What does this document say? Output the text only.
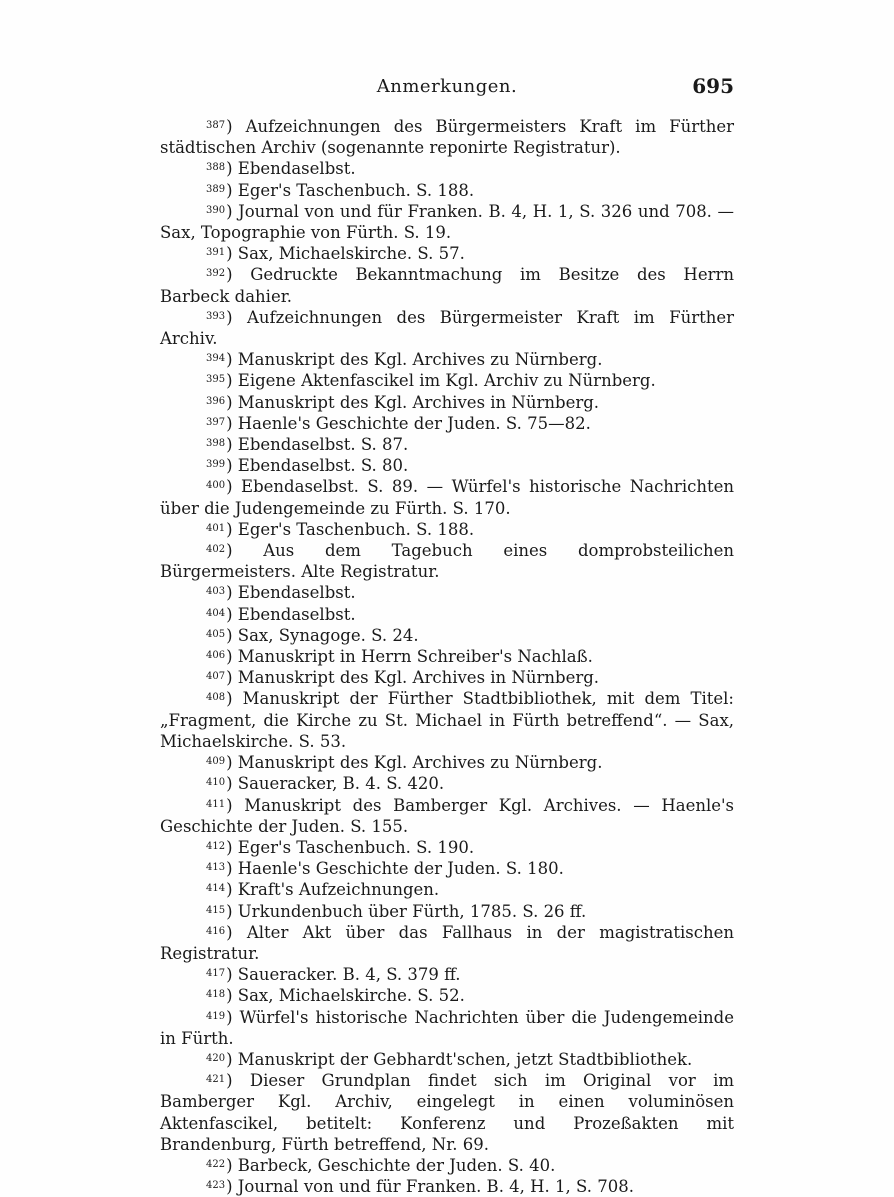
Anmerkungen.	695

$^{387}$) Aufzeichnungen des Bürgermeisters Kraft im Fürther städtischen Archiv (sogenannte reponirte Registratur).

$^{388}$) Ebendaselbst.

$^{389}$) Eger's Taschenbuch. S. 188.

$^{390}$) Journal von und für Franken. B. 4, H. 1, S. 326 und 708. — Sax, Topographie von Fürth. S. 19.

$^{391}$) Sax, Michaelskirche. S. 57.

$^{392}$) Gedruckte Bekanntmachung im Besitze des Herrn Barbeck dahier.

$^{393}$) Aufzeichnungen des Bürgermeister Kraft im Fürther Archiv.

$^{394}$) Manuskript des Kgl. Archives zu Nürnberg.

$^{395}$) Eigene Aktenfascikel im Kgl. Archiv zu Nürnberg.

$^{396}$) Manuskript des Kgl. Archives in Nürnberg.

$^{397}$) Haenle's Geschichte der Juden. S. 75—82.

$^{398}$) Ebendaselbst. S. 87.

$^{399}$) Ebendaselbst. S. 80.

$^{400}$) Ebendaselbst. S. 89. — Würfel's historische Nachrichten über die Judengemeinde zu Fürth. S. 170.

$^{401}$) Eger's Taschenbuch. S. 188.

$^{402}$) Aus dem Tagebuch eines domprobsteilichen Bürgermeisters. Alte Registratur.

$^{403}$) Ebendaselbst.

$^{404}$) Ebendaselbst.

$^{405}$) Sax, Synagoge. S. 24.

$^{406}$) Manuskript in Herrn Schreiber's Nachlaß.

$^{407}$) Manuskript des Kgl. Archives in Nürnberg.

$^{408}$) Manuskript der Fürther Stadtbibliothek, mit dem Titel: „Fragment, die Kirche zu St. Michael in Fürth betreffend“. — Sax, Michaelskirche. S. 53.

$^{409}$) Manuskript des Kgl. Archives zu Nürnberg.

$^{410}$) Saueracker, B. 4. S. 420.

$^{411}$) Manuskript des Bamberger Kgl. Archives. — Haenle's Geschichte der Juden. S. 155.

$^{412}$) Eger's Taschenbuch. S. 190.

$^{413}$) Haenle's Geschichte der Juden. S. 180.

$^{414}$) Kraft's Aufzeichnungen.

$^{415}$) Urkundenbuch über Fürth, 1785. S. 26 ff.

$^{416}$) Alter Akt über das Fallhaus in der magistratischen Registratur.

$^{417}$) Saueracker. B. 4, S. 379 ff.

$^{418}$) Sax, Michaelskirche. S. 52.

$^{419}$) Würfel's historische Nachrichten über die Judengemeinde in Fürth.

$^{420}$) Manuskript der Gebhardt'schen, jetzt Stadtbibliothek.

$^{421}$) Dieser Grundplan findet sich im Original vor im Bamberger Kgl. Archiv, eingelegt in einen voluminösen Aktenfascikel, betitelt: Konferenz und Prozeßakten mit Brandenburg, Fürth betreffend, Nr. 69.

$^{422}$) Barbeck, Geschichte der Juden. S. 40.

$^{423}$) Journal von und für Franken. B. 4, H. 1, S. 708.
